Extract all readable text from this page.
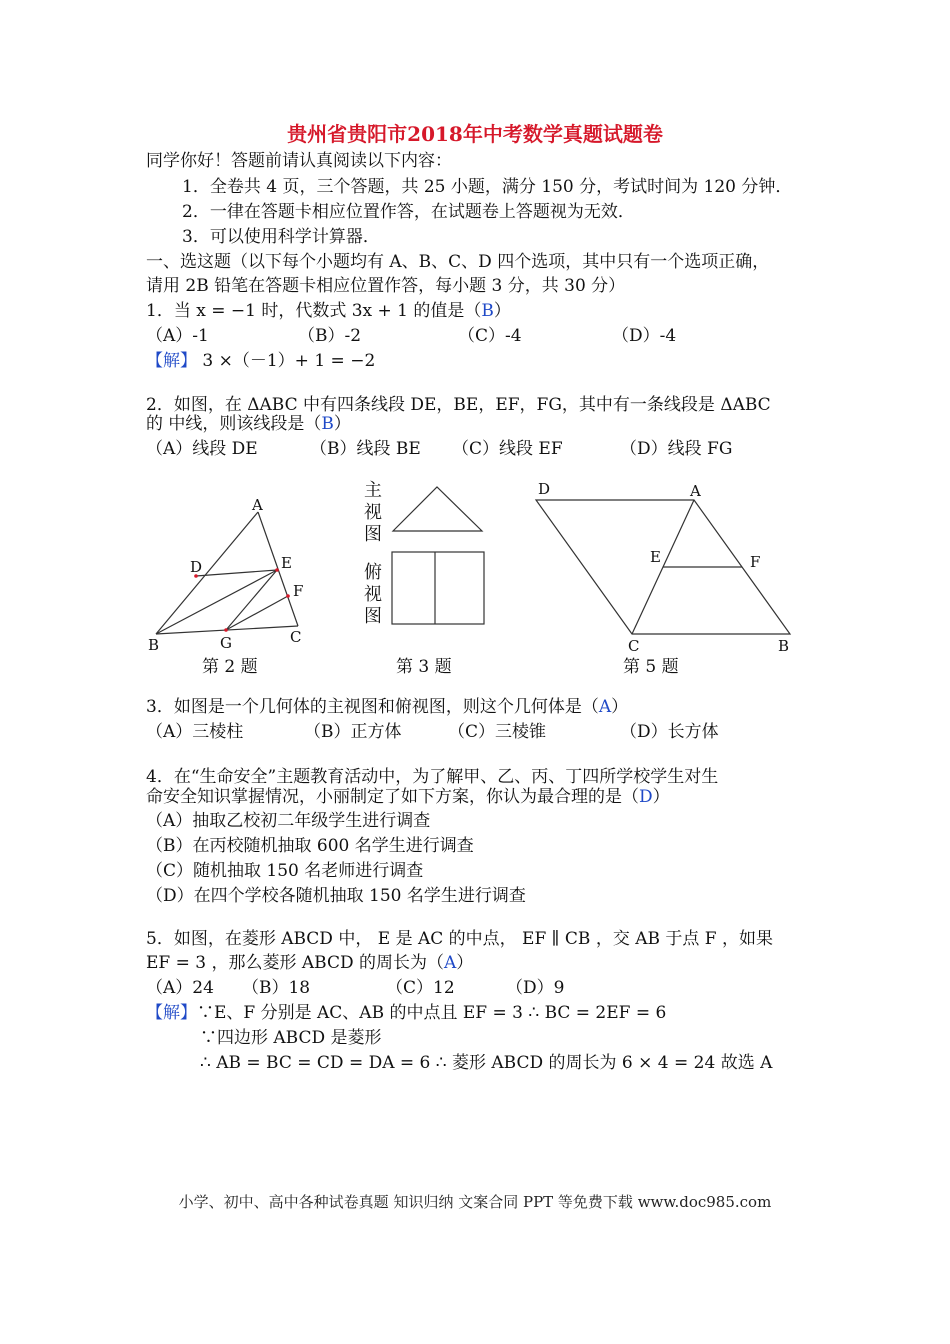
贵州省贵阳市2018年中考数学真题试题卷
同学你好！答题前请认真阅读以下内容：
1．全卷共 4 页，三个答题，共 25 小题，满分 150 分，考试时间为 120 分钟．
2．一律在答题卡相应位置作答，在试题卷上答题视为无效．
3．可以使用科学计算器．
一、选这题（以下每个小题均有 A、B、C、D 四个选项，其中只有一个选项正确，
请用 2B 铅笔在答题卡相应位置作答，每小题 3 分，共 30 分）
1．当 x = −1 时，代数式 3x + 1 的值是（B）
（A）-1	（B）-2	（C）-4	（D）-4
【解】 3 ×（－1）+ 1 = −2
2．如图，在 ΔABC 中有四条线段 DE，BE，EF，FG，其中有一条线段是 ΔABC
的 中线，则该线段是（B）
（A）线段 DE	（B）线段 BE （C）线段 EF	（D）线段 FG
A
B	C
D	E
F
G
第 2 题
主视图
俯视图
第 3 题
D	A
E	F
C	B
第 5 题
3．如图是一个几何体的主视图和俯视图，则这个几何体是（A）
（A）三棱柱	（B）正方体	（C）三棱锥	（D）长方体
4．在“生命安全”主题教育活动中，为了解甲、乙、丙、丁四所学校学生对生
命安全知识掌握情况，小丽制定了如下方案，你认为最合理的是（D）
（A）抽取乙校初二年级学生进行调查
（B）在丙校随机抽取 600 名学生进行调查
（C）随机抽取 150 名老师进行调查
（D）在四个学校各随机抽取 150 名学生进行调查
5．如图，在菱形 ABCD 中， E 是 AC 的中点， EF ∥ CB ，交 AB 于点 F ，如果
EF = 3 ，那么菱形 ABCD 的周长为（A）
（A）24 （B）18	（C）12	（D）9
【解】∵E、F 分别是 AC、AB 的中点且 EF = 3 ∴ BC = 2EF = 6
∵四边形 ABCD 是菱形
∴ AB = BC = CD = DA = 6 ∴ 菱形 ABCD 的周长为 6 × 4 = 24 故选 A
小学、初中、高中各种试卷真题 知识归纳 文案合同 PPT 等免费下载 www.doc985.com
